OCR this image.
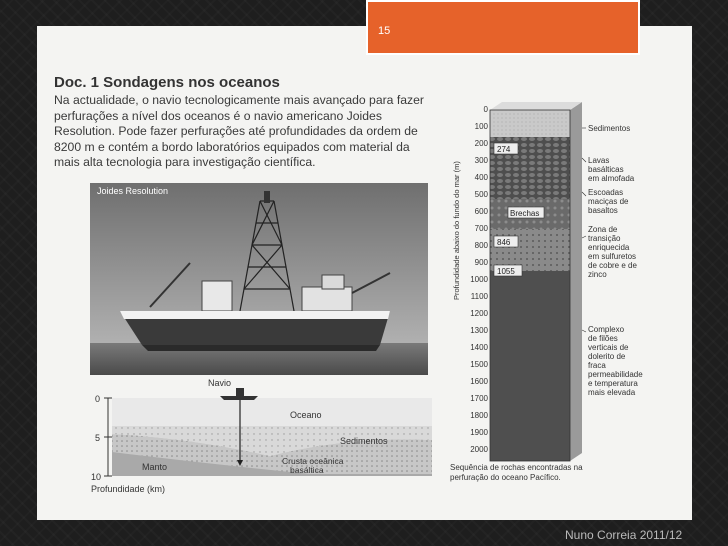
15
Doc. 1 Sondagens nos oceanos

Na actualidade, o navio tecnologicamente mais avançado para fazer perfurações a nível dos oceanos é o navio americano Joides Resolution. Pode fazer perfurações até profundidades da ordem de 8200 m e contém a bordo laboratórios equipados com material da mais alta tecnologia para investigação científica.

Joides Resolution
0
5
10
Profundidade (km)
Navio
Oceano
Sedimentos
Crusta oceânica
basáltica
Manto
Profundidade abaixo do fundo do mar (m)
0
100
200
300
400
500
600
700
800
900
1000
1100
1200
1300
1400
1500
1600
1700
1800
1900
2000
274
846
1055
Brechas
Sedimentos
Lavas
basálticas
em almofada
Escoadas
maciças de
basaltos
Zona de
transição
enriquecida
em sulfuretos
de cobre e de
zinco
Complexo
de filões
verticais de
dolerito de
fraca
permeabilidade
e temperatura
mais elevada
Sequência de rochas encontradas na
perfuração do oceano Pacífico.
Nuno Correia 2011/12
